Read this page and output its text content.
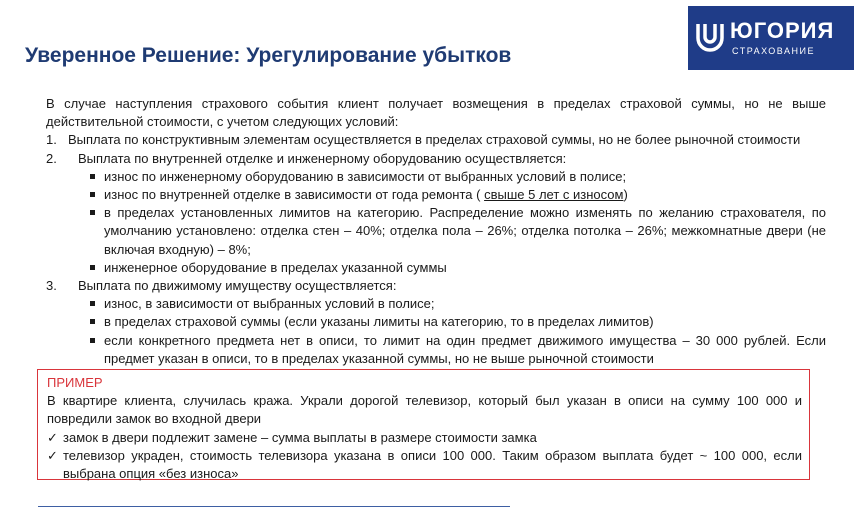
Уверенное Решение: Урегулирование убытков
ЮГОРИЯ
СТРАХОВАНИЕ
В случае наступления страхового события клиент получает возмещения в пределах страховой суммы, но не выше действительной стоимости, с учетом следующих условий:
1. Выплата по конструктивным элементам осуществляется в пределах страховой суммы, но не более рыночной стоимости
2. Выплата по внутренней отделке и инженерному оборудованию осуществляется:
износ по инженерному оборудованию в зависимости от выбранных условий в полисе;
износ по внутренней отделке в зависимости от года ремонта ( свыше 5 лет с износом)
в пределах установленных лимитов на категорию. Распределение можно изменять по желанию страхователя, по умолчанию установлено: отделка стен – 40%; отделка пола – 26%; отделка потолка – 26%; межкомнатные двери (не включая входную) – 8%;
инженерное оборудование в пределах указанной суммы
3. Выплата по движимому имуществу осуществляется:
износ, в зависимости от выбранных условий в полисе;
в пределах страховой суммы (если указаны лимиты на категорию, то в пределах лимитов)
если конкретного предмета нет в описи, то лимит на один предмет движимого имущества – 30 000 рублей. Если предмет указан в описи, то в пределах указанной суммы, но не выше рыночной стоимости
ПРИМЕР
В квартире клиента, случилась кража. Украли дорогой телевизор, который был указан в описи на сумму 100 000 и повредили замок во входной двери
✓ замок в двери подлежит замене – сумма выплаты в размере стоимости замка
✓ телевизор украден, стоимость телевизора указана в описи 100 000. Таким образом выплата будет ~ 100 000, если выбрана опция «без износа»
